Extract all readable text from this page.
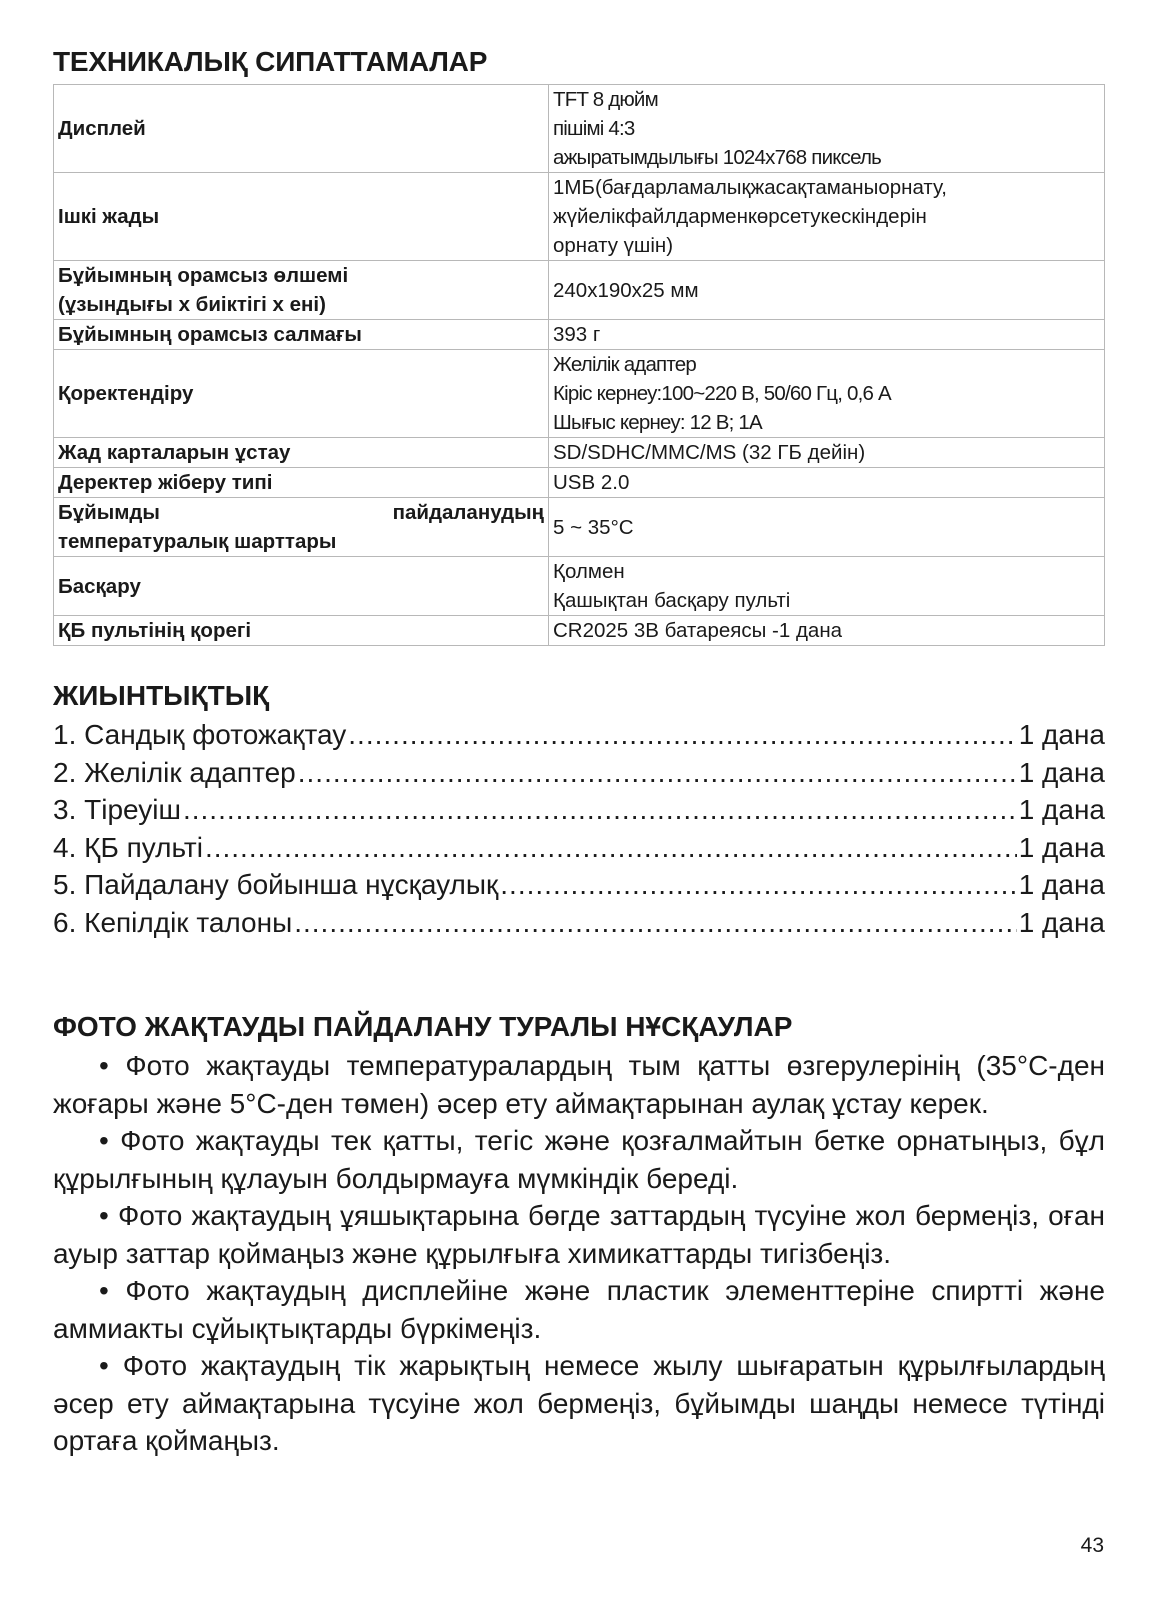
ТЕХНИКАЛЫҚ СИПАТТАМАЛАР
Дисплей	TFT 8 дюйм
пішімі 4:3
ажыратымдылығы 1024x768 пиксель

Ішкі жады	1МБ(бағдарламалықжасақтаманыорнату,
жүйелікфайлдарменкөрсетукескіндерін
орнату үшін)

Бұйымның орамсыз өлшемі
(ұзындығы x биіктігі x ені)	240x190x25 мм
Бұйымның орамсыз салмағы	393 г
Қоректендіру	Желілік адаптер
Кіріс кернеу:100~220 В, 50/60 Гц, 0,6 А
Шығыс кернеу: 12 В; 1А

Жад карталарын ұстау	SD/SDHC/MMC/MS (32 ГБ дейін)
Деректер жіберу типі	USB 2.0

Бұйымды пайдаланудың
температуралық шарттары	5 ~ 35°C
Басқару	Қолмен
Қашықтан басқару пульті

ҚБ пультінің қорегі	CR2025 3В батареясы -1 дана
ЖИЫНТЫҚТЫҚ
1. Сандық фотожақтау .....	1 дана
2. Желілік адаптер .....	1 дана
3. Тіреуіш .....	1 дана
4. ҚБ пульті .....	1 дана
5. Пайдалану бойынша нұсқаулық .....	1 дана
6. Кепілдік талоны .....	1 дана
ФОТО ЖАҚТАУДЫ ПАЙДАЛАНУ ТУРАЛЫ НҰСҚАУЛАР

• Фото жақтауды температуралардың тым қатты өзгерулерінің (35°С-ден жоғары және 5°С-ден төмен) әсер ету аймақтарынан аулақ ұстау керек.

• Фото жақтауды тек қатты, тегіс және қозғалмайтын бетке орнатыңыз, бұл құрылғының құлауын болдырмауға мүмкіндік береді.

• Фото жақтаудың ұяшықтарына бөгде заттардың түсуіне жол бермеңіз, оған ауыр заттар қоймаңыз және құрылғыға химикаттарды тигізбеңіз.

• Фото жақтаудың дисплейіне және пластик элементтеріне спиртті және аммиакты сұйықтықтарды бүркімеңіз.

• Фото жақтаудың тік жарықтың немесе жылу шығаратын құрылғылардың әсер ету аймақтарына түсуіне жол бермеңіз, бұйымды шаңды немесе түтінді ортаға қоймаңыз.

43
